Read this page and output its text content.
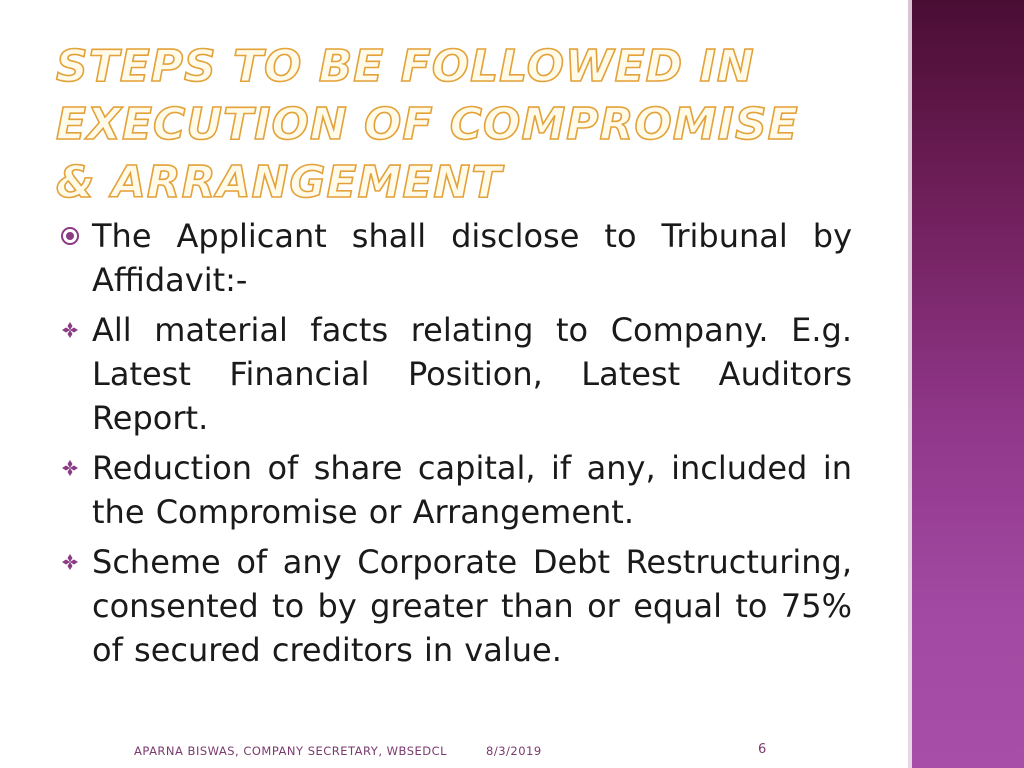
STEPS TO BE FOLLOWED IN EXECUTION OF COMPROMISE & ARRANGEMENT
The Applicant shall disclose to Tribunal by Affidavit:-
All material facts relating to Company. E.g. Latest Financial Position, Latest Auditors Report.
Reduction of share capital, if any, included in the Compromise or Arrangement.
Scheme of any Corporate Debt Restructuring, consented to by greater than or equal to 75% of secured creditors in value.
APARNA BISWAS, COMPANY SECRETARY, WBSEDCL	8/3/2019	6
